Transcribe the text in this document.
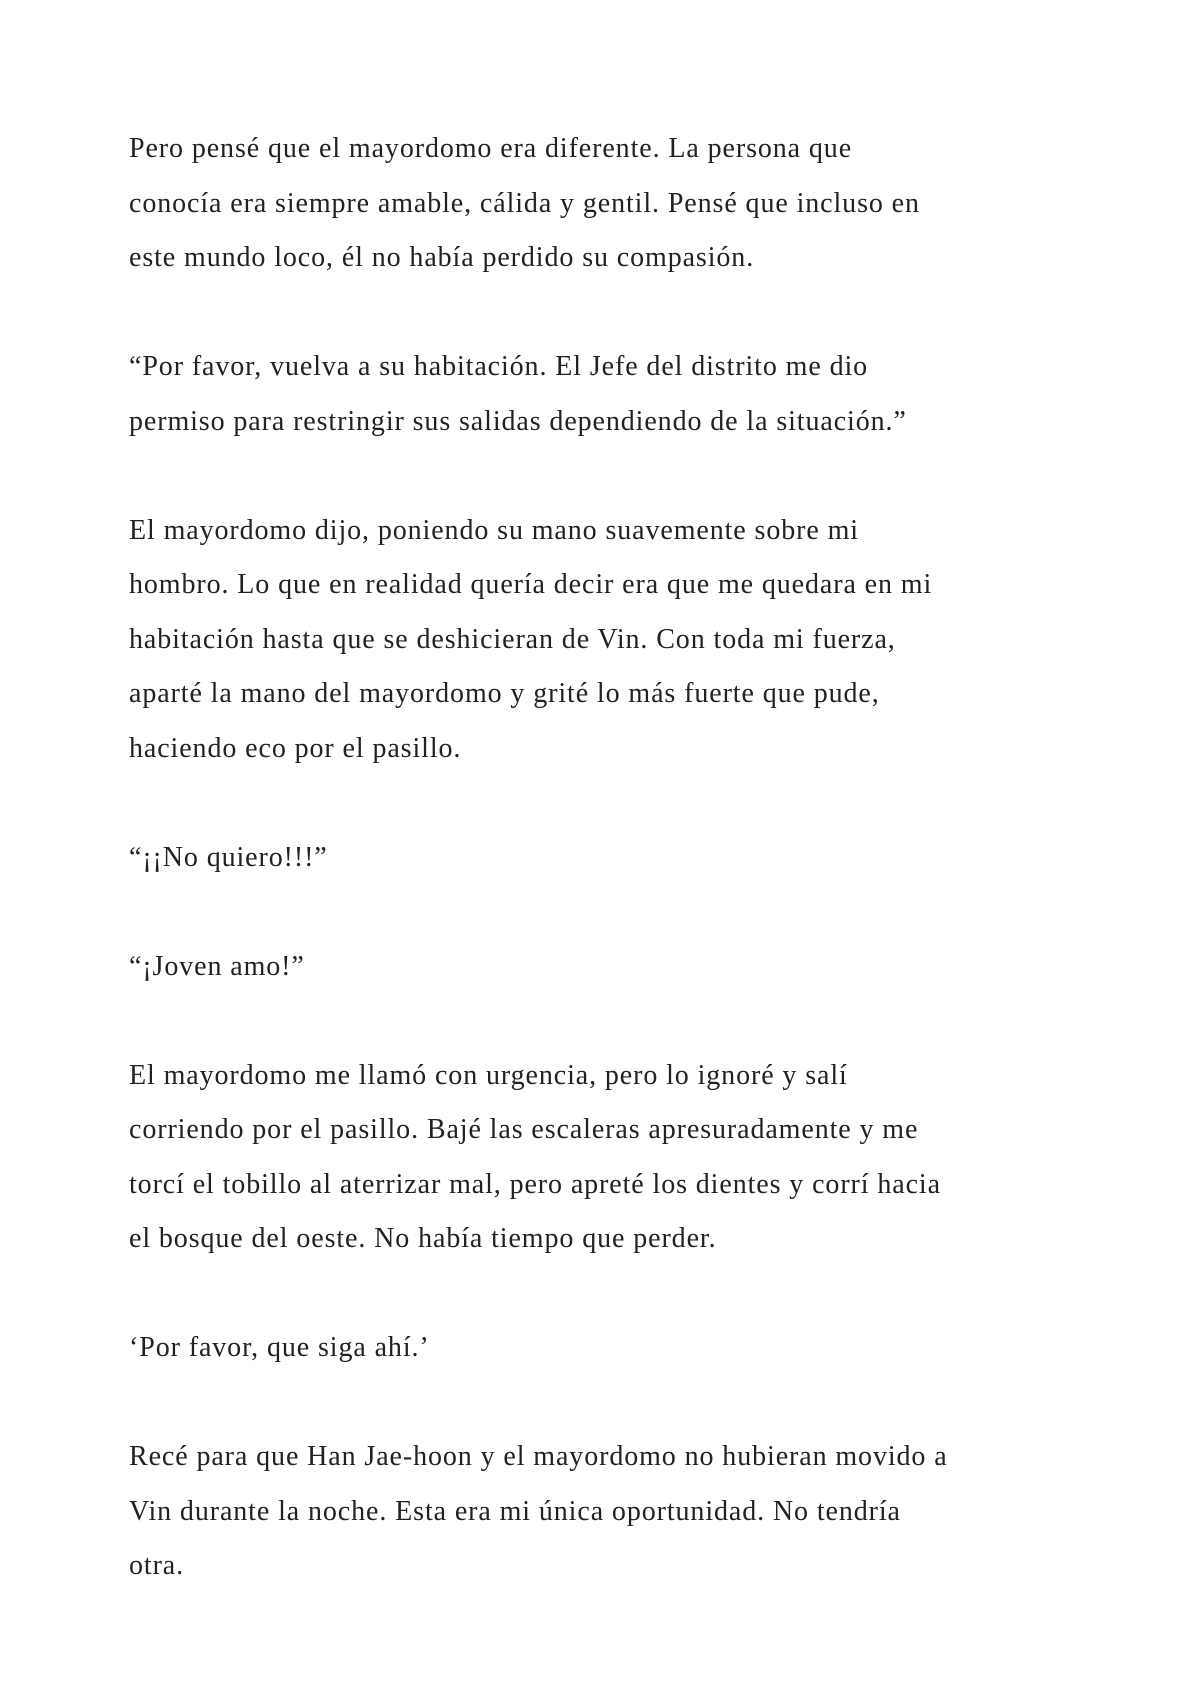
Pero pensé que el mayordomo era diferente. La persona que
conocía era siempre amable, cálida y gentil. Pensé que incluso en
este mundo loco, él no había perdido su compasión.
“Por favor, vuelva a su habitación. El Jefe del distrito me dio
permiso para restringir sus salidas dependiendo de la situación.”
El mayordomo dijo, poniendo su mano suavemente sobre mi
hombro. Lo que en realidad quería decir era que me quedara en mi
habitación hasta que se deshicieran de Vin. Con toda mi fuerza,
aparté la mano del mayordomo y grité lo más fuerte que pude,
haciendo eco por el pasillo.
“¡¡No quiero!!!”
“¡Joven amo!”
El mayordomo me llamó con urgencia, pero lo ignoré y salí
corriendo por el pasillo. Bajé las escaleras apresuradamente y me
torcí el tobillo al aterrizar mal, pero apreté los dientes y corrí hacia
el bosque del oeste. No había tiempo que perder.
‘Por favor, que siga ahí.’
Recé para que Han Jae-hoon y el mayordomo no hubieran movido a
Vin durante la noche. Esta era mi única oportunidad. No tendría
otra.
